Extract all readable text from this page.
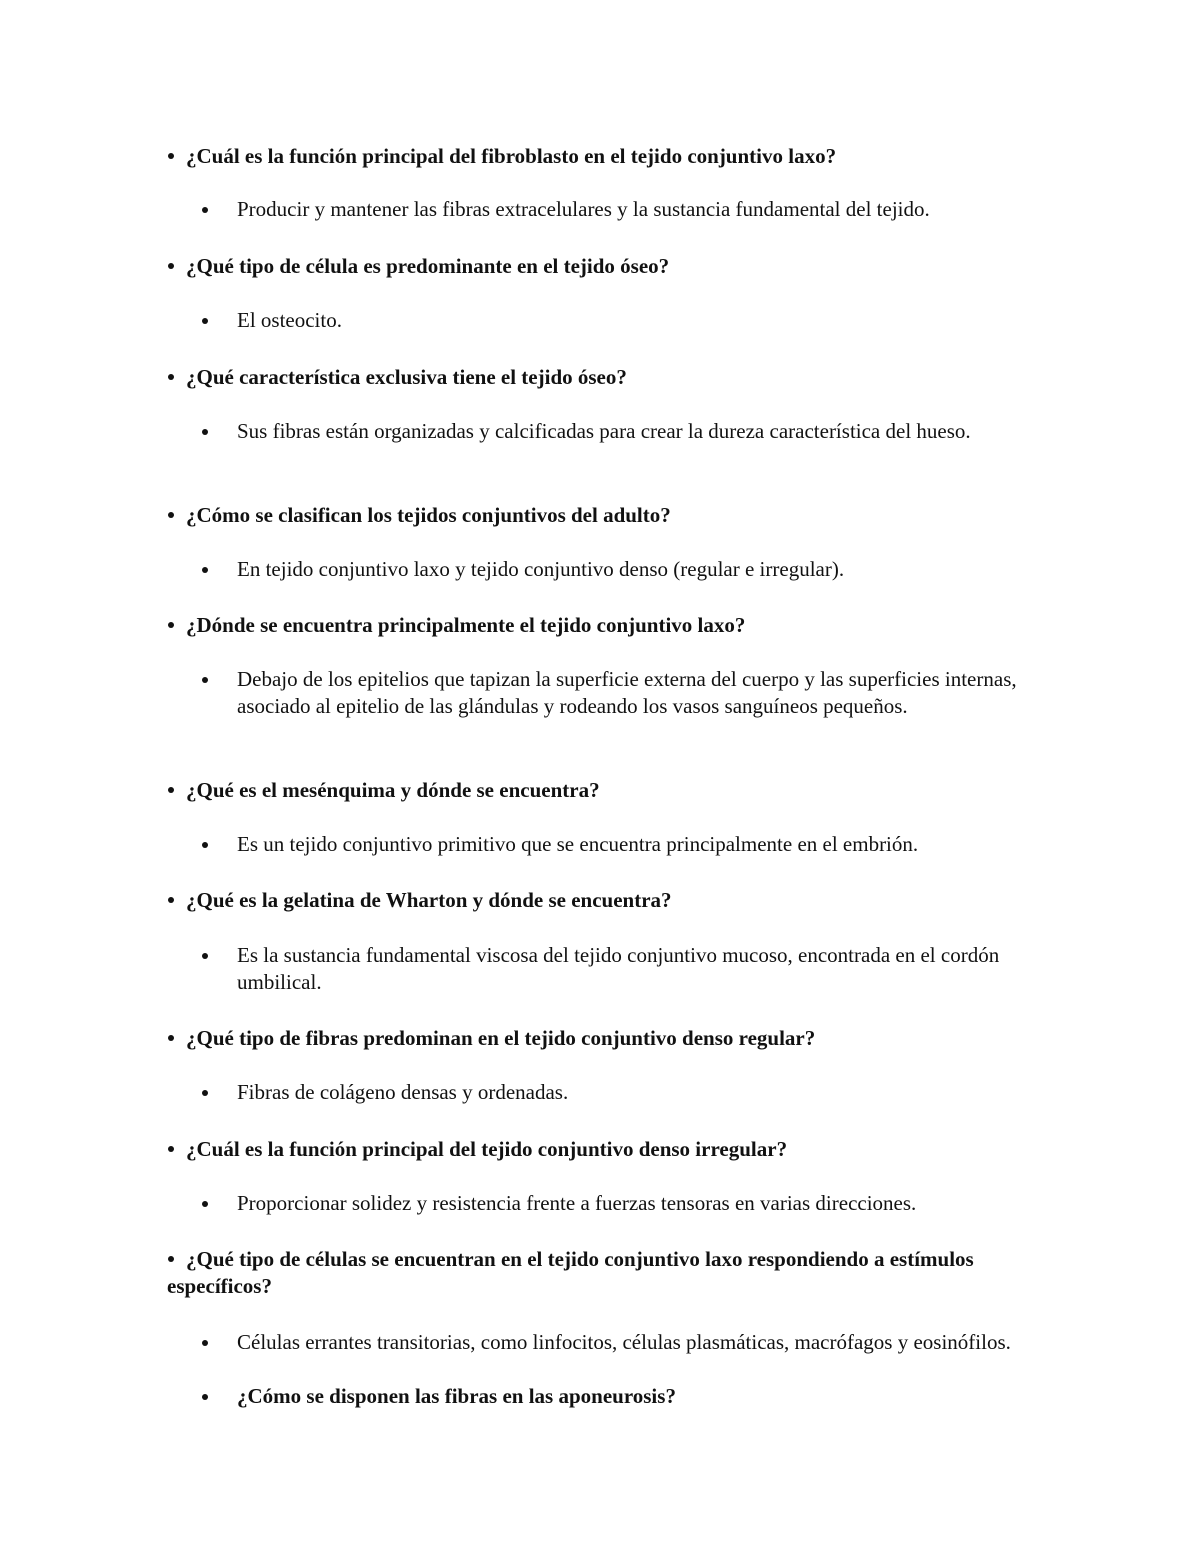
¿Cuál es la función principal del fibroblasto en el tejido conjuntivo laxo?
Producir y mantener las fibras extracelulares y la sustancia fundamental del tejido.
¿Qué tipo de célula es predominante en el tejido óseo?
El osteocito.
¿Qué característica exclusiva tiene el tejido óseo?
Sus fibras están organizadas y calcificadas para crear la dureza característica del hueso.
¿Cómo se clasifican los tejidos conjuntivos del adulto?
En tejido conjuntivo laxo y tejido conjuntivo denso (regular e irregular).
¿Dónde se encuentra principalmente el tejido conjuntivo laxo?
Debajo de los epitelios que tapizan la superficie externa del cuerpo y las superficies internas, asociado al epitelio de las glándulas y rodeando los vasos sanguíneos pequeños.
¿Qué es el mesénquima y dónde se encuentra?
Es un tejido conjuntivo primitivo que se encuentra principalmente en el embrión.
¿Qué es la gelatina de Wharton y dónde se encuentra?
Es la sustancia fundamental viscosa del tejido conjuntivo mucoso, encontrada en el cordón umbilical.
¿Qué tipo de fibras predominan en el tejido conjuntivo denso regular?
Fibras de colágeno densas y ordenadas.
¿Cuál es la función principal del tejido conjuntivo denso irregular?
Proporcionar solidez y resistencia frente a fuerzas tensoras en varias direcciones.
¿Qué tipo de células se encuentran en el tejido conjuntivo laxo respondiendo a estímulos específicos?
Células errantes transitorias, como linfocitos, células plasmáticas, macrófagos y eosinófilos.
¿Cómo se disponen las fibras en las aponeurosis?
